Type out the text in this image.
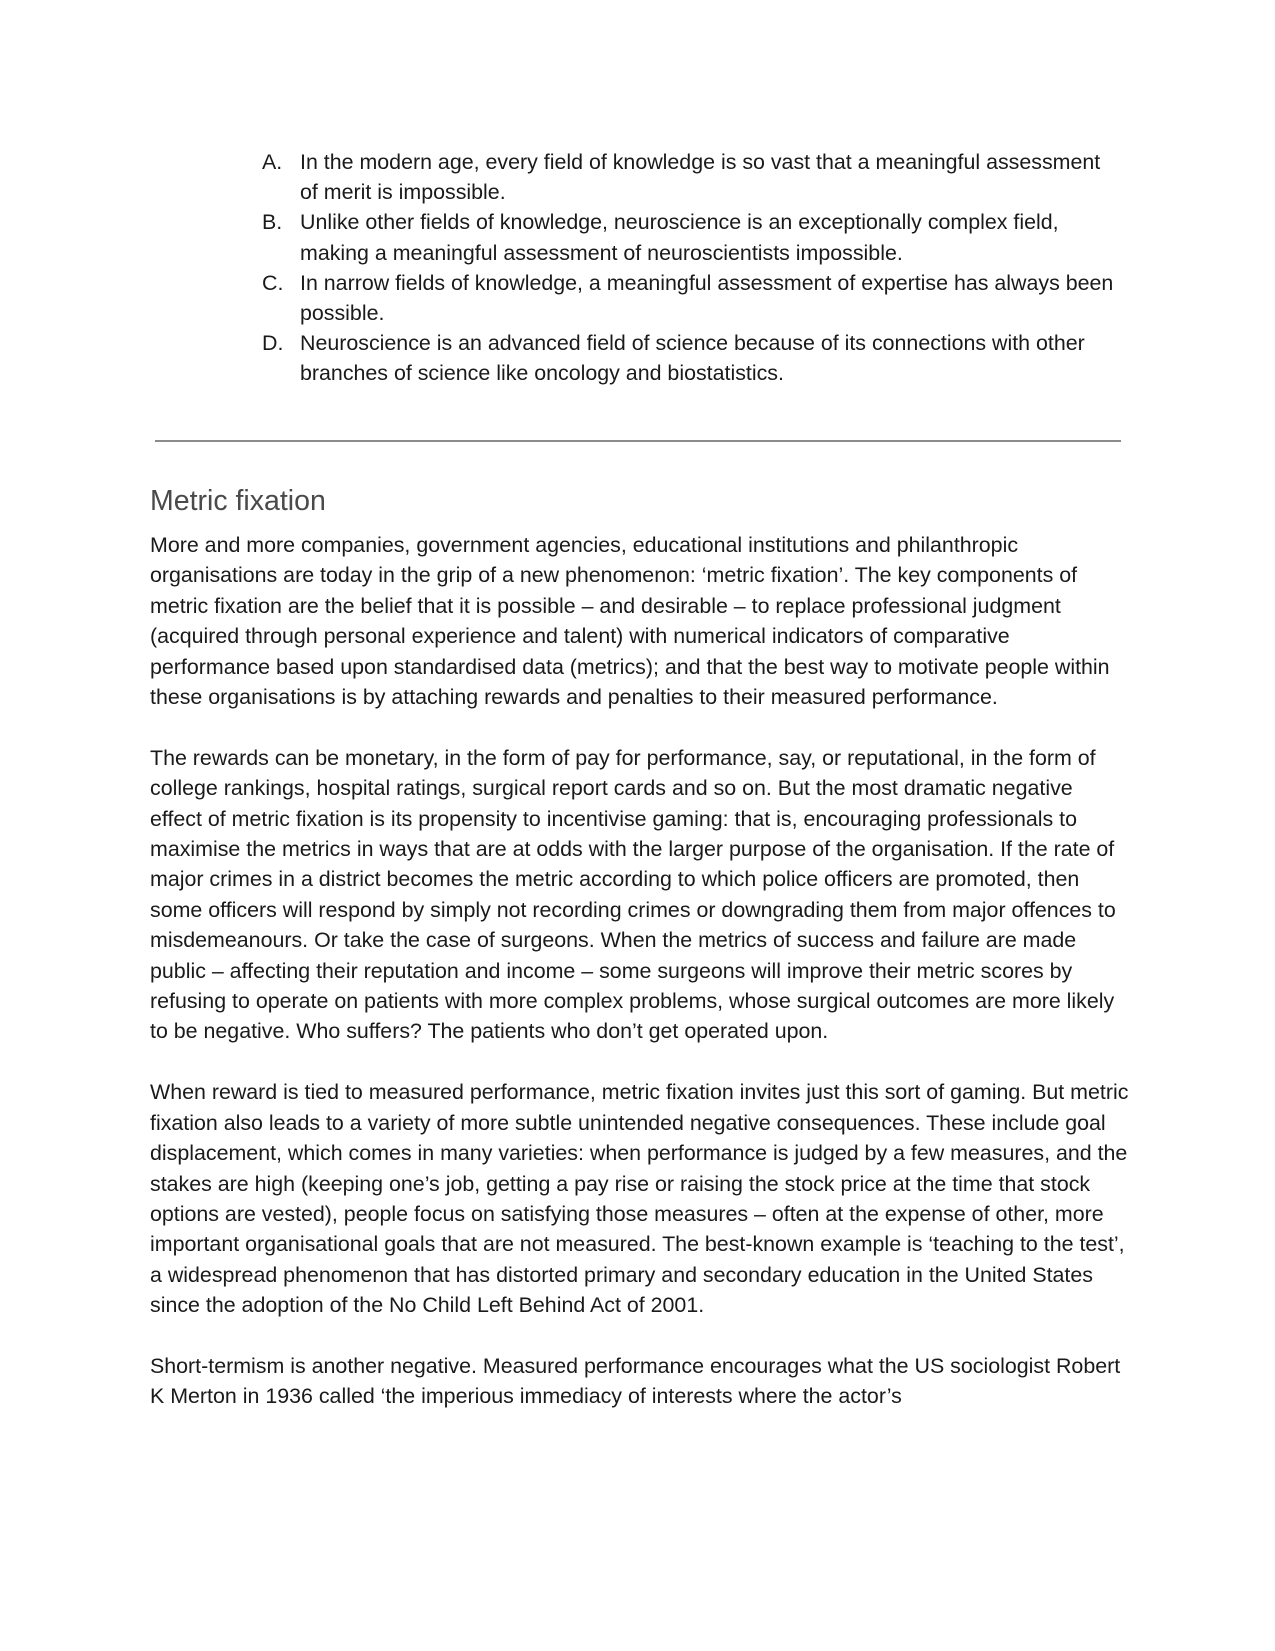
A. In the modern age, every field of knowledge is so vast that a meaningful assessment of merit is impossible.
B. Unlike other fields of knowledge, neuroscience is an exceptionally complex field, making a meaningful assessment of neuroscientists impossible.
C. In narrow fields of knowledge, a meaningful assessment of expertise has always been possible.
D. Neuroscience is an advanced field of science because of its connections with other branches of science like oncology and biostatistics.
Metric fixation

More and more companies, government agencies, educational institutions and philanthropic organisations are today in the grip of a new phenomenon: ‘metric fixation’. The key components of metric fixation are the belief that it is possible – and desirable – to replace professional judgment (acquired through personal experience and talent) with numerical indicators of comparative performance based upon standardised data (metrics); and that the best way to motivate people within these organisations is by attaching rewards and penalties to their measured performance.

The rewards can be monetary, in the form of pay for performance, say, or reputational, in the form of college rankings, hospital ratings, surgical report cards and so on. But the most dramatic negative effect of metric fixation is its propensity to incentivise gaming: that is, encouraging professionals to maximise the metrics in ways that are at odds with the larger purpose of the organisation. If the rate of major crimes in a district becomes the metric according to which police officers are promoted, then some officers will respond by simply not recording crimes or downgrading them from major offences to misdemeanours. Or take the case of surgeons. When the metrics of success and failure are made public – affecting their reputation and income – some surgeons will improve their metric scores by refusing to operate on patients with more complex problems, whose surgical outcomes are more likely to be negative. Who suffers? The patients who don’t get operated upon.

When reward is tied to measured performance, metric fixation invites just this sort of gaming. But metric fixation also leads to a variety of more subtle unintended negative consequences. These include goal displacement, which comes in many varieties: when performance is judged by a few measures, and the stakes are high (keeping one’s job, getting a pay rise or raising the stock price at the time that stock options are vested), people focus on satisfying those measures – often at the expense of other, more important organisational goals that are not measured. The best-known example is ‘teaching to the test’, a widespread phenomenon that has distorted primary and secondary education in the United States since the adoption of the No Child Left Behind Act of 2001.

Short-termism is another negative. Measured performance encourages what the US sociologist Robert K Merton in 1936 called ‘the imperious immediacy of interests where the actor’s
